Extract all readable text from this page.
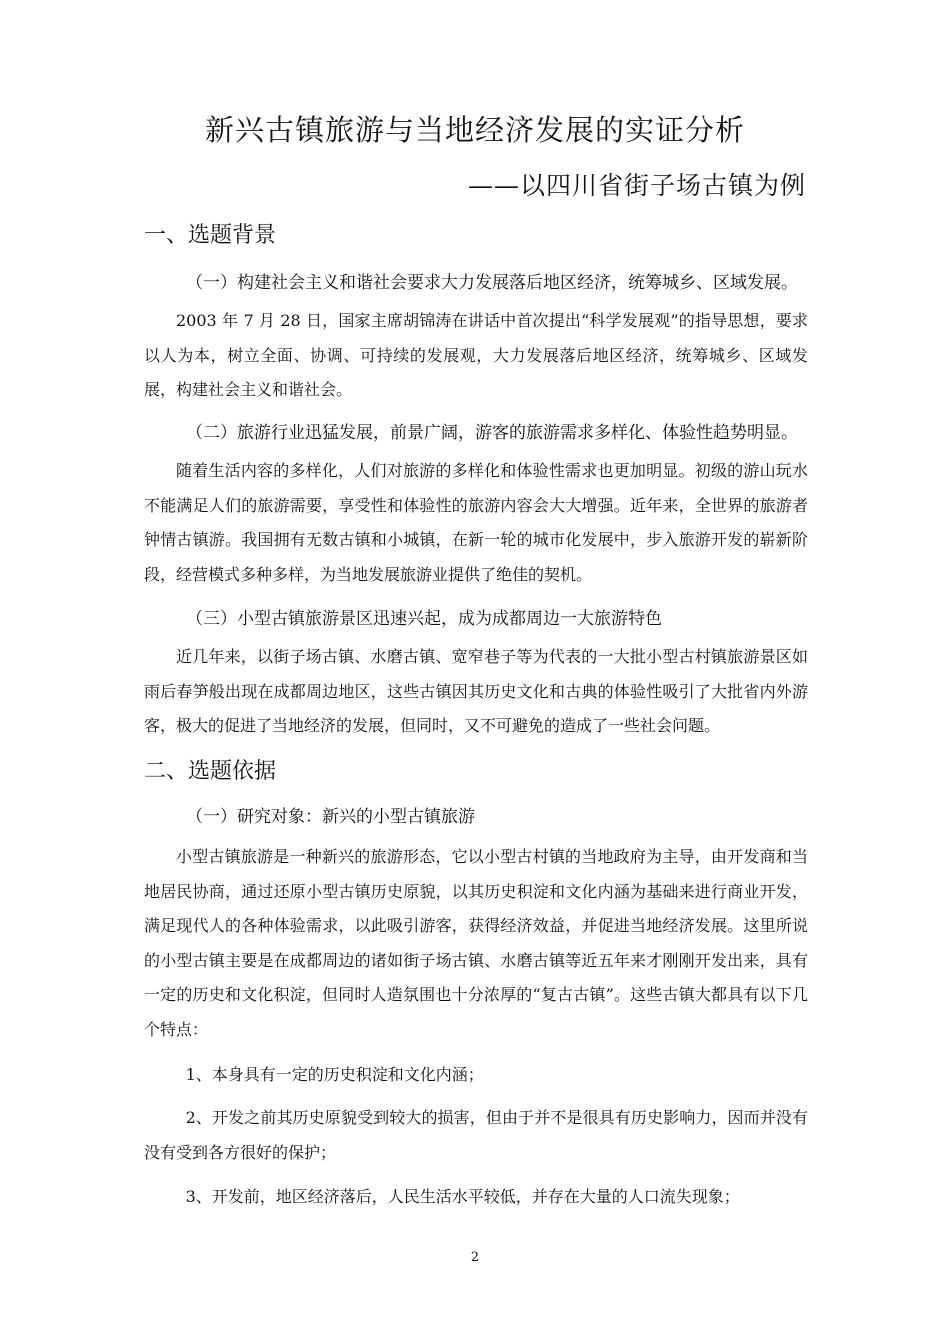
新兴古镇旅游与当地经济发展的实证分析
——以四川省街子场古镇为例
一、选题背景
（一）构建社会主义和谐社会要求大力发展落后地区经济，统筹城乡、区域发展。

2003 年 7 月 28 日，国家主席胡锦涛在讲话中首次提出“科学发展观”的指导思想，要求以人为本，树立全面、协调、可持续的发展观，大力发展落后地区经济，统筹城乡、区域发展，构建社会主义和谐社会。

（二）旅游行业迅猛发展，前景广阔，游客的旅游需求多样化、体验性趋势明显。

随着生活内容的多样化，人们对旅游的多样化和体验性需求也更加明显。初级的游山玩水不能满足人们的旅游需要，享受性和体验性的旅游内容会大大增强。近年来，全世界的旅游者钟情古镇游。我国拥有无数古镇和小城镇，在新一轮的城市化发展中，步入旅游开发的崭新阶段，经营模式多种多样，为当地发展旅游业提供了绝佳的契机。

（三）小型古镇旅游景区迅速兴起，成为成都周边一大旅游特色

近几年来，以街子场古镇、水磨古镇、宽窄巷子等为代表的一大批小型古村镇旅游景区如雨后春笋般出现在成都周边地区，这些古镇因其历史文化和古典的体验性吸引了大批省内外游客，极大的促进了当地经济的发展，但同时，又不可避免的造成了一些社会问题。

二、选题依据
（一）研究对象：新兴的小型古镇旅游

小型古镇旅游是一种新兴的旅游形态，它以小型古村镇的当地政府为主导，由开发商和当地居民协商，通过还原小型古镇历史原貌，以其历史积淀和文化内涵为基础来进行商业开发，满足现代人的各种体验需求，以此吸引游客，获得经济效益，并促进当地经济发展。这里所说的小型古镇主要是在成都周边的诸如街子场古镇、水磨古镇等近五年来才刚刚开发出来，具有一定的历史和文化积淀，但同时人造氛围也十分浓厚的“复古古镇”。这些古镇大都具有以下几个特点：

1、本身具有一定的历史积淀和文化内涵；

2、开发之前其历史原貌受到较大的损害，但由于并不是很具有历史影响力，因而并没有没有受到各方很好的保护；

3、开发前，地区经济落后，人民生活水平较低，并存在大量的人口流失现象；

2
